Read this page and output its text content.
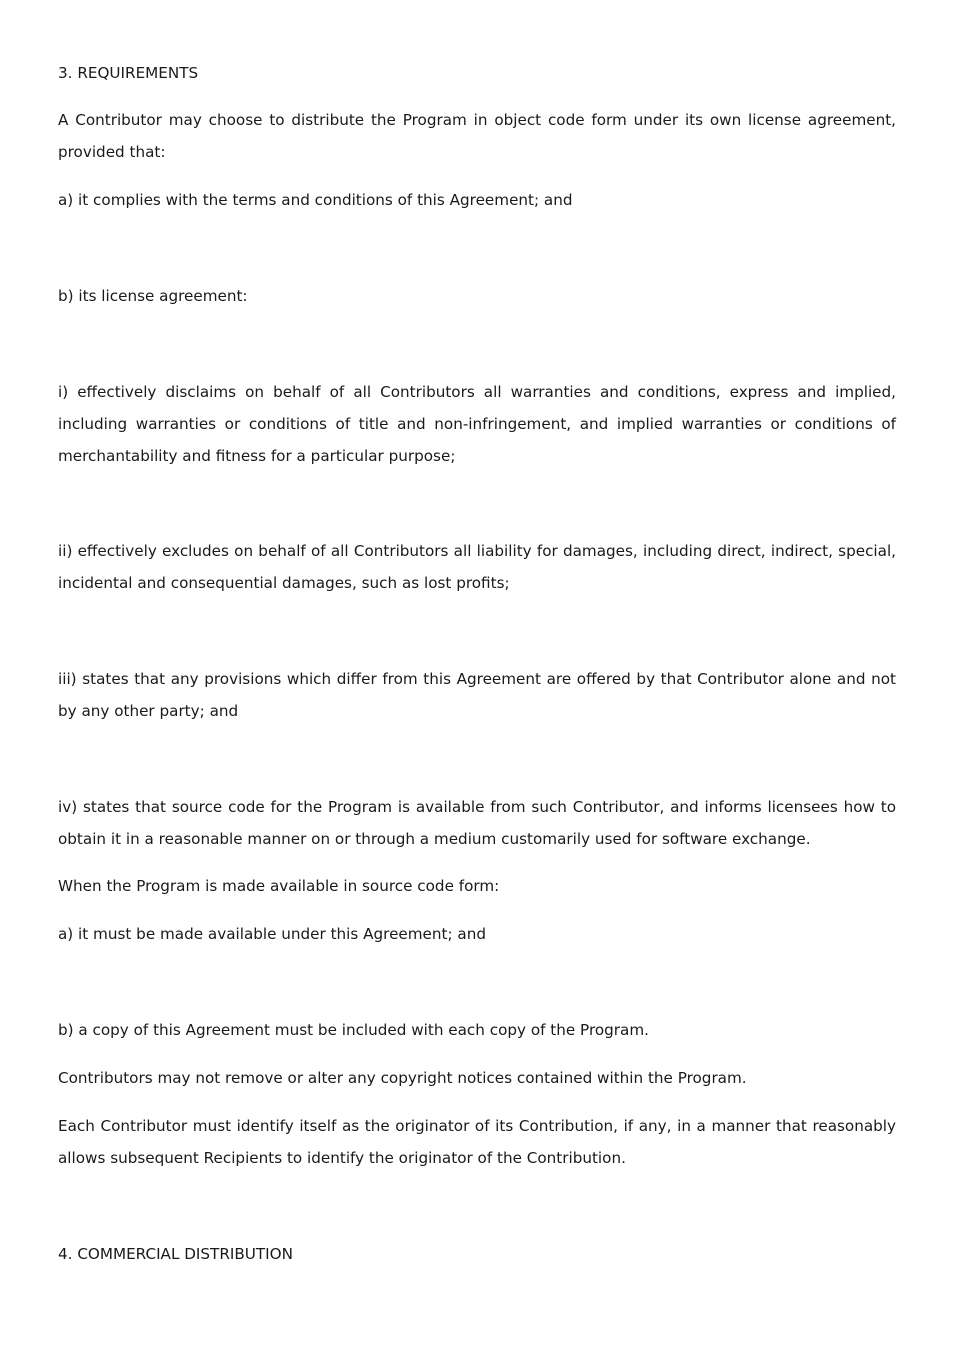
3. REQUIREMENTS

A Contributor may choose to distribute the Program in object code form under its own license agreement, provided that:

a) it complies with the terms and conditions of this Agreement; and

b) its license agreement:

i) effectively disclaims on behalf of all Contributors all warranties and conditions, express and implied, including warranties or conditions of title and non-infringement, and implied warranties or conditions of merchantability and fitness for a particular purpose;

ii) effectively excludes on behalf of all Contributors all liability for damages, including direct, indirect, special, incidental and consequential damages, such as lost profits;

iii) states that any provisions which differ from this Agreement are offered by that Contributor alone and not by any other party; and

iv) states that source code for the Program is available from such Contributor, and informs licensees how to obtain it in a reasonable manner on or through a medium customarily used for software exchange.

When the Program is made available in source code form:

a) it must be made available under this Agreement; and

b) a copy of this Agreement must be included with each copy of the Program.

Contributors may not remove or alter any copyright notices contained within the Program.

Each Contributor must identify itself as the originator of its Contribution, if any, in a manner that reasonably allows subsequent Recipients to identify the originator of the Contribution.

4. COMMERCIAL DISTRIBUTION
